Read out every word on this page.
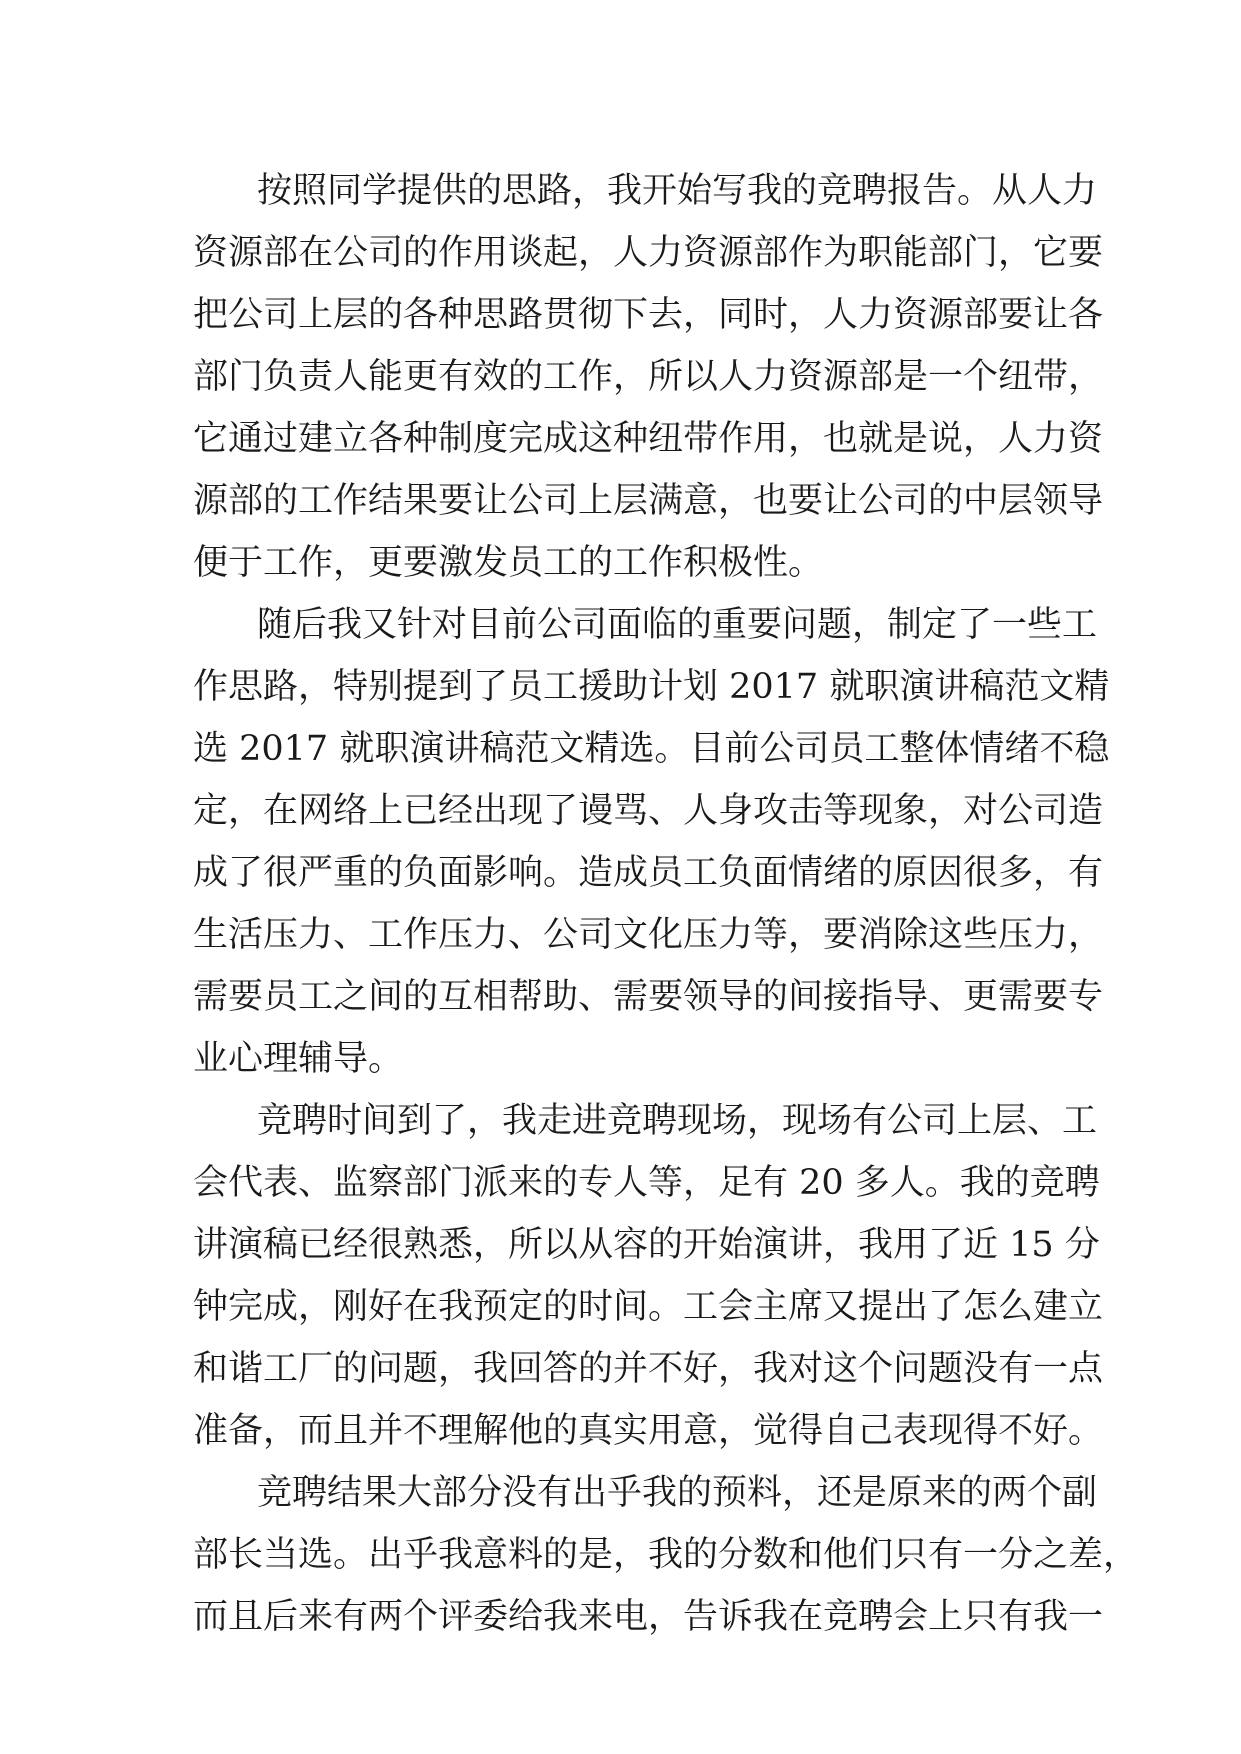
按照同学提供的思路，我开始写我的竞聘报告。从人力
资源部在公司的作用谈起，人力资源部作为职能部门，它要
把公司上层的各种思路贯彻下去，同时，人力资源部要让各
部门负责人能更有效的工作，所以人力资源部是一个纽带，
它通过建立各种制度完成这种纽带作用，也就是说，人力资
源部的工作结果要让公司上层满意，也要让公司的中层领导
便于工作，更要激发员工的工作积极性。
随后我又针对目前公司面临的重要问题，制定了一些工
作思路，特别提到了员工援助计划 2017 就职演讲稿范文精
选 2017 就职演讲稿范文精选。目前公司员工整体情绪不稳
定，在网络上已经出现了谩骂、人身攻击等现象，对公司造
成了很严重的负面影响。造成员工负面情绪的原因很多，有
生活压力、工作压力、公司文化压力等，要消除这些压力，
需要员工之间的互相帮助、需要领导的间接指导、更需要专
业心理辅导。
竞聘时间到了，我走进竞聘现场，现场有公司上层、工
会代表、监察部门派来的专人等，足有 20 多人。我的竞聘
讲演稿已经很熟悉，所以从容的开始演讲，我用了近 15 分
钟完成，刚好在我预定的时间。工会主席又提出了怎么建立
和谐工厂的问题，我回答的并不好，我对这个问题没有一点
准备，而且并不理解他的真实用意，觉得自己表现得不好。
竞聘结果大部分没有出乎我的预料，还是原来的两个副
部长当选。出乎我意料的是，我的分数和他们只有一分之差，
而且后来有两个评委给我来电，告诉我在竞聘会上只有我一
